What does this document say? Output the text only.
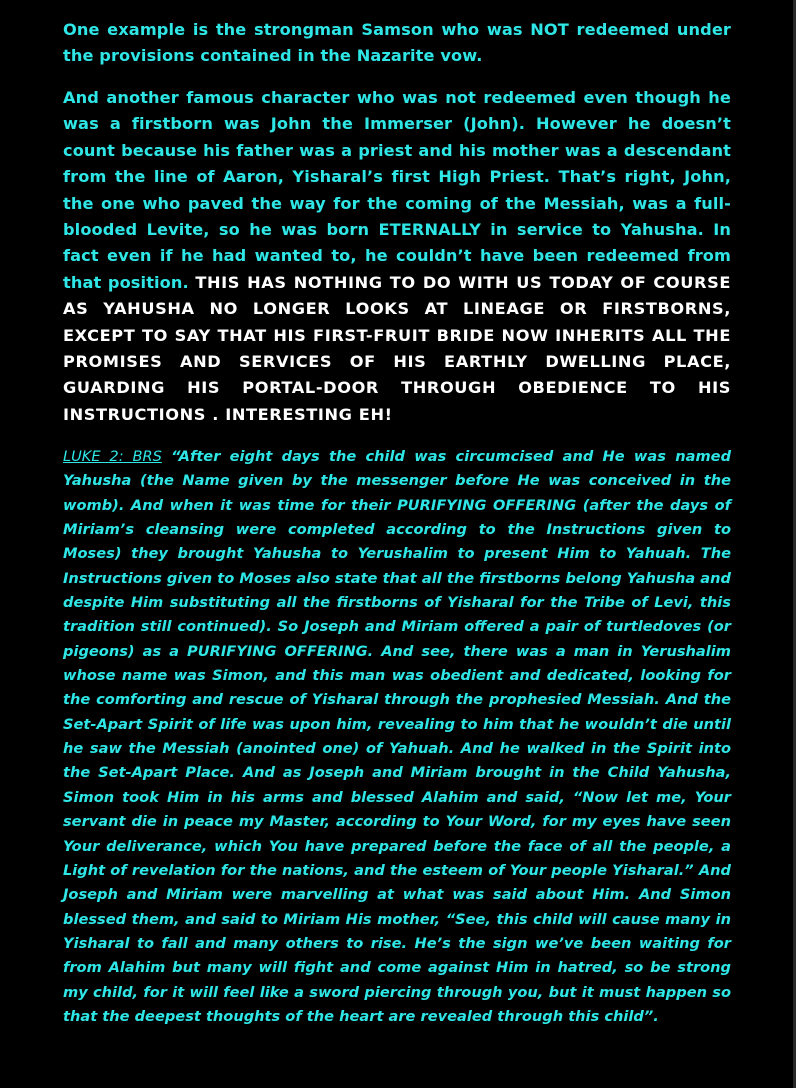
One example is the strongman Samson who was NOT redeemed under the provisions contained in the Nazarite vow.

And another famous character who was not redeemed even though he was a firstborn was John the Immerser (John). However he doesn’t count because his father was a priest and his mother was a descendant from the line of Aaron, Yisharal’s first High Priest. That’s right, John, the one who paved the way for the coming of the Messiah, was a full-blooded Levite, so he was born ETERNALLY in service to Yahusha. In fact even if he had wanted to, he couldn’t have been redeemed from that position. THIS HAS NOTHING TO DO WITH US TODAY OF COURSE AS YAHUSHA NO LONGER LOOKS AT LINEAGE OR FIRSTBORNS, EXCEPT TO SAY THAT HIS FIRST-FRUIT BRIDE NOW INHERITS ALL THE PROMISES AND SERVICES OF HIS EARTHLY DWELLING PLACE, GUARDING HIS PORTAL-DOOR THROUGH OBEDIENCE TO HIS INSTRUCTIONS . INTERESTING EH!

LUKE 2: BRS “After eight days the child was circumcised and He was named Yahusha (the Name given by the messenger before He was conceived in the womb). And when it was time for their PURIFYING OFFERING (after the days of Miriam’s cleansing were completed according to the Instructions given to Moses) they brought Yahusha to Yerushalim to present Him to Yahuah. The Instructions given to Moses also state that all the firstborns belong Yahusha and despite Him substituting all the firstborns of Yisharal for the Tribe of Levi, this tradition still continued). So Joseph and Miriam offered a pair of turtledoves (or pigeons) as a PURIFYING OFFERING. And see, there was a man in Yerushalim whose name was Simon, and this man was obedient and dedicated, looking for the comforting and rescue of Yisharal through the prophesied Messiah. And the Set-Apart Spirit of life was upon him, revealing to him that he wouldn’t die until he saw the Messiah (anointed one) of Yahuah. And he walked in the Spirit into the Set-Apart Place. And as Joseph and Miriam brought in the Child Yahusha, Simon took Him in his arms and blessed Alahim and said, “Now let me, Your servant die in peace my Master, according to Your Word, for my eyes have seen Your deliverance, which You have prepared before the face of all the people, a Light of revelation for the nations, and the esteem of Your people Yisharal.” And Joseph and Miriam were marvelling at what was said about Him. And Simon blessed them, and said to Miriam His mother, “See, this child will cause many in Yisharal to fall and many others to rise. He’s the sign we’ve been waiting for from Alahim but many will fight and come against Him in hatred, so be strong my child, for it will feel like a sword piercing through you, but it must happen so that the deepest thoughts of the heart are revealed through this child”.
